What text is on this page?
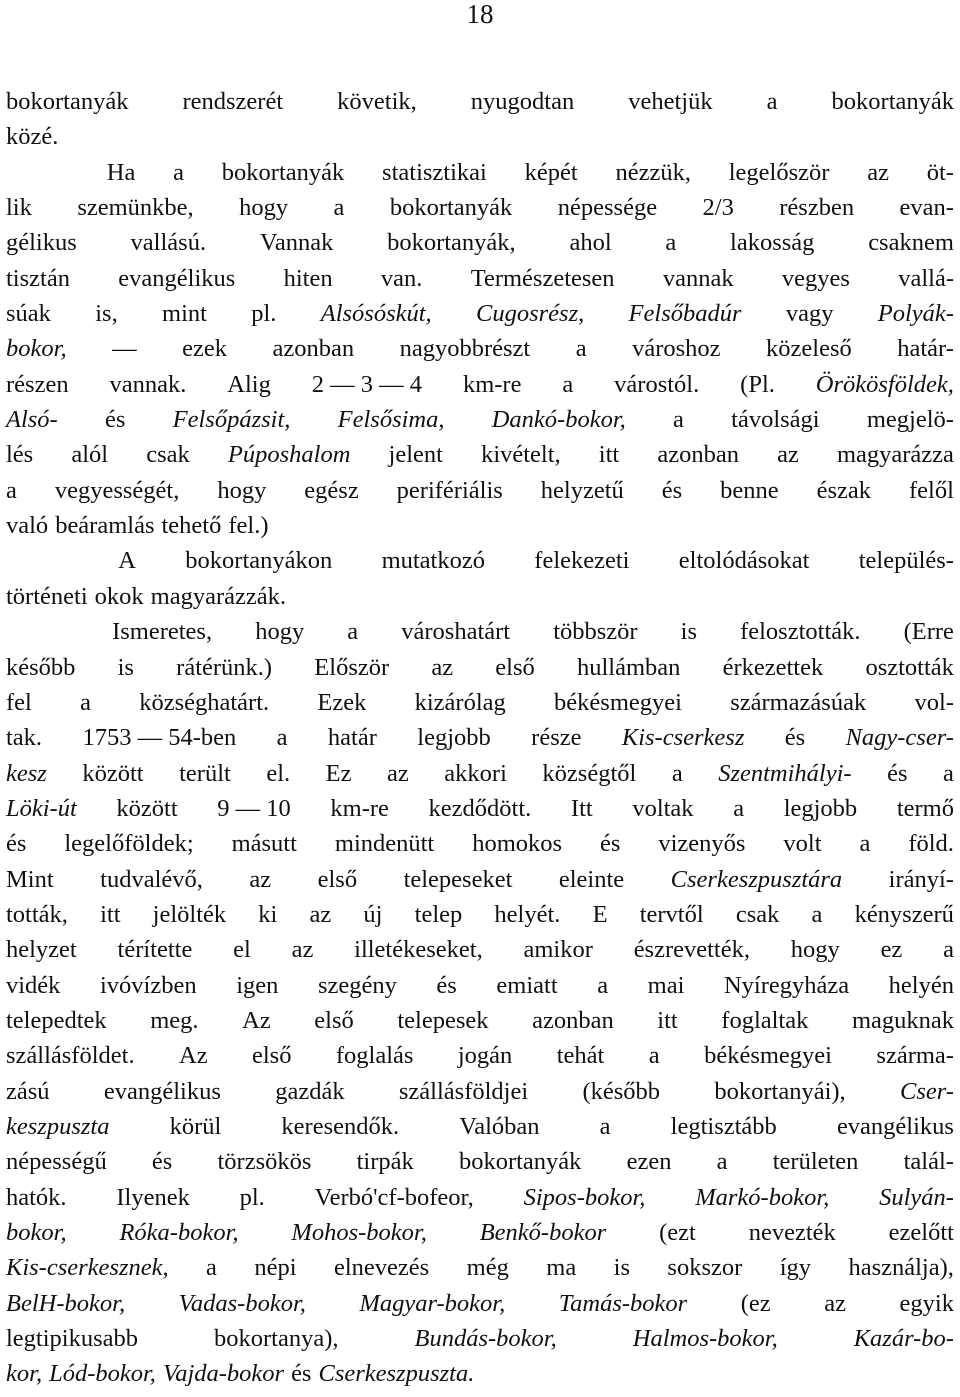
18
bokortanyák rendszerét követik, nyugodtan vehetjük a bokortanyák
közé.
Ha a bokortanyák statisztikai képét nézzük, legelőször az öt-
lik szemünkbe, hogy a bokortanyák népessége 2/3 részben evan-
gélikus vallású. Vannak bokortanyák, ahol a lakosság csaknem
tisztán evangélikus hiten van. Természetesen vannak vegyes vallá-
súak is, mint pl. Alsósóskút, Cugosrész, Felsőbadúr vagy Polyák-
bokor, — ezek azonban nagyobbrészt a városhoz közeleső határ-
részen vannak. Alig 2 — 3 — 4 km-re a várostól. (Pl. Örökösföldek,
Alsó- és Felsőpázsit, Felsősima, Dankó-bokor, a távolsági megjelö-
lés alól csak Púposhalom jelent kivételt, itt azonban az magyarázza
a vegyességét, hogy egész perifériális helyzetű és benne észak felől
való beáramlás tehető fel.)
A bokortanyákon mutatkozó felekezeti eltolódásokat település-
történeti okok magyarázzák.
Ismeretes, hogy a városhatárt többször is felosztották. (Erre
később is rátérünk.) Először az első hullámban érkezettek osztották
fel a községhatárt. Ezek kizárólag békésmegyei származásúak vol-
tak. 1753 — 54-ben a határ legjobb része Kis-cserkesz és Nagy-cser-
kesz között terült el. Ez az akkori községtől a Szentmihályi- és a
Löki-út között 9 — 10 km-re kezdődött. Itt voltak a legjobb termő
és legelőföldek; másutt mindenütt homokos és vizenyős volt a föld.
Mint tudvalévő, az első telepeseket eleinte Cserkeszpusztára irányí-
tották, itt jelölték ki az új telep helyét. E tervtől csak a kényszerű
helyzet térítette el az illetékeseket, amikor észrevették, hogy ez a
vidék ivóvízben igen szegény és emiatt a mai Nyíregyháza helyén
telepedtek meg. Az első telepesek azonban itt foglaltak maguknak
szállásföldet. Az első foglalás jogán tehát a békésmegyei szárma-
zású evangélikus gazdák szállásföldjei (később bokortanyái), Cser-
keszpuszta körül keresendők. Valóban a legtisztább evangélikus
népességű és törzsökös tirpák bokortanyák ezen a területen talál-
hatók. Ilyenek pl. Verbó'cf-bofeor, Sipos-bokor, Markó-bokor, Sulyán-
bokor, Róka-bokor, Mohos-bokor, Benkő-bokor (ezt nevezték ezelőtt
Kis-cserkesznek, a népi elnevezés még ma is sokszor így használja),
BelH-bokor, Vadas-bokor, Magyar-bokor, Tamás-bokor (ez az egyik
legtipikusabb	bokortanya),	Bundás-bokor,	Halmos-bokor,	Kazár-bo-
kor, Lód-bokor, Vajda-bokor és Cserkeszpuszta.
